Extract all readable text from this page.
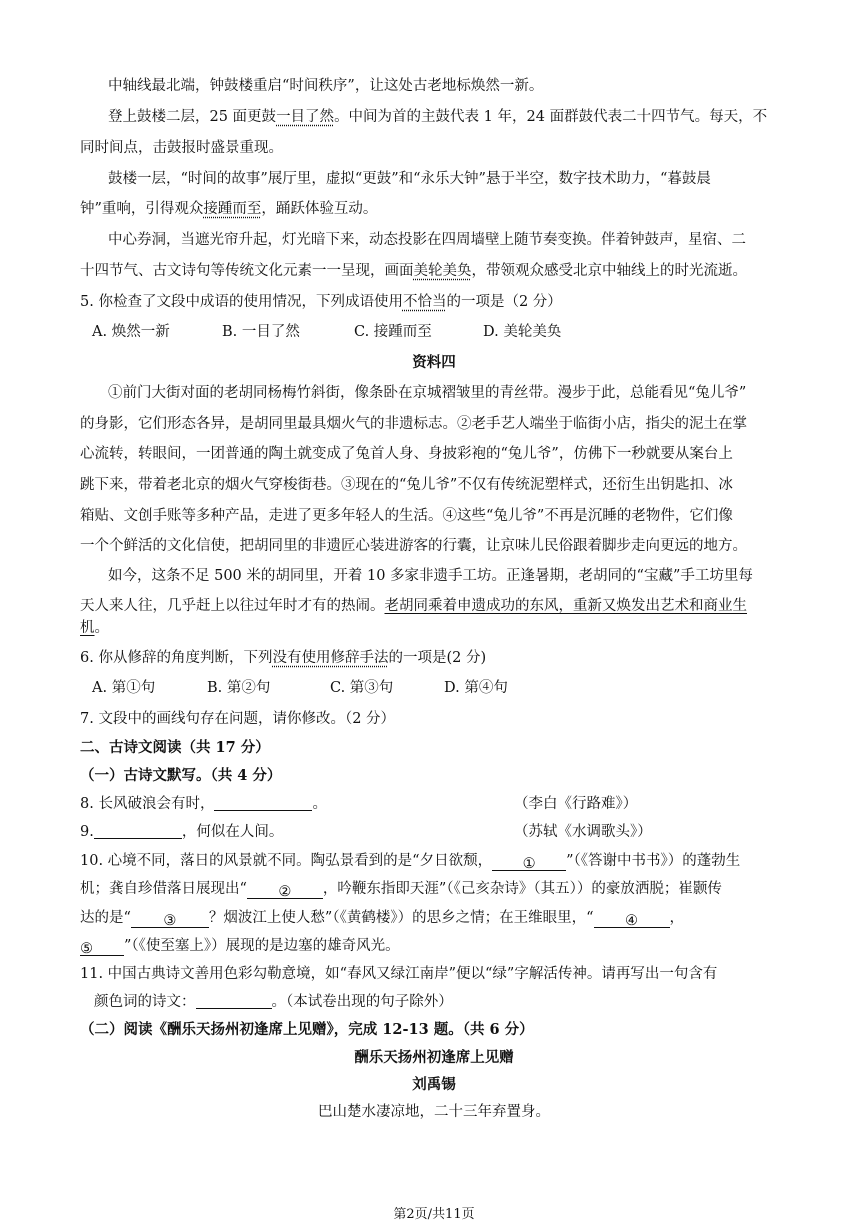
中轴线最北端，钟鼓楼重启“时间秩序”，让这处古老地标焕然一新。
登上鼓楼二层，25 面更鼓一目了然。中间为首的主鼓代表 1 年，24 面群鼓代表二十四节气。每天，不
同时间点，击鼓报时盛景重现。
鼓楼一层，“时间的故事”展厅里，虚拟“更鼓”和“永乐大钟”悬于半空，数字技术助力，“暮鼓晨
钟”重响，引得观众接踵而至，踊跃体验互动。
中心券洞，当遮光帘升起，灯光暗下来，动态投影在四周墙壁上随节奏变换。伴着钟鼓声，星宿、二
十四节气、古文诗句等传统文化元素一一呈现，画面美轮美奂，带领观众感受北京中轴线上的时光流逝。
5. 你检查了文段中成语的使用情况，下列成语使用不恰当的一项是（2 分）
A. 焕然一新	B. 一目了然	C. 接踵而至	D. 美轮美奂
资料四
①前门大街对面的老胡同杨梅竹斜街，像条卧在京城褶皱里的青丝带。漫步于此，总能看见“兔儿爷”
的身影，它们形态各异，是胡同里最具烟火气的非遗标志。②老手艺人端坐于临街小店，指尖的泥土在掌
心流转，转眼间，一团普通的陶土就变成了兔首人身、身披彩袍的“兔儿爷”，仿佛下一秒就要从案台上
跳下来，带着老北京的烟火气穿梭街巷。③现在的“兔儿爷”不仅有传统泥塑样式，还衍生出钥匙扣、冰
箱贴、文创手账等多种产品，走进了更多年轻人的生活。④这些“兔儿爷”不再是沉睡的老物件，它们像
一个个鲜活的文化信使，把胡同里的非遗匠心装进游客的行囊，让京味儿民俗跟着脚步走向更远的地方。
如今，这条不足 500 米的胡同里，开着 10 多家非遗手工坊。正逢暑期，老胡同的“宝藏”手工坊里每
天人来人往，几乎赶上以往过年时才有的热闹。老胡同乘着申遗成功的东风，重新又焕发出艺术和商业生
机。
6. 你从修辞的角度判断，下列没有使用修辞手法的一项是(2 分)
A. 第①句	B. 第②句	C. 第③句	D. 第④句
7. 文段中的画线句存在问题，请你修改。（2 分）
二、古诗文阅读（共 17 分）
（一）古诗文默写。（共 4 分）
8. 长风破浪会有时，	。	（李白《行路难》）
9.	，何似在人间。	（苏轼《水调歌头》）
10. 心境不同，落日的风景就不同。陶弘景看到的是“夕日欲颓， ① ”（《答谢中书书》）的蓬勃生
机；龚自珍借落日展现出“ ② ，吟鞭东指即天涯”（《己亥杂诗》（其五））的豪放洒脱；崔颢传
达的是“ ③ ？烟波江上使人愁”（《黄鹤楼》）的思乡之情；在王维眼里，“ ④ ，
⑤ ”（《使至塞上》）展现的是边塞的雄奇风光。
11. 中国古典诗文善用色彩勾勒意境，如“春风又绿江南岸”便以“绿”字解活传神。请再写出一句含有
颜色词的诗文：	。（本试卷出现的句子除外）
（二）阅读《酬乐天扬州初逢席上见赠》，完成 12-13 题。（共 6 分）
酬乐天扬州初逢席上见赠
刘禹锡
巴山楚水凄凉地，二十三年弃置身。
第2页/共11页
